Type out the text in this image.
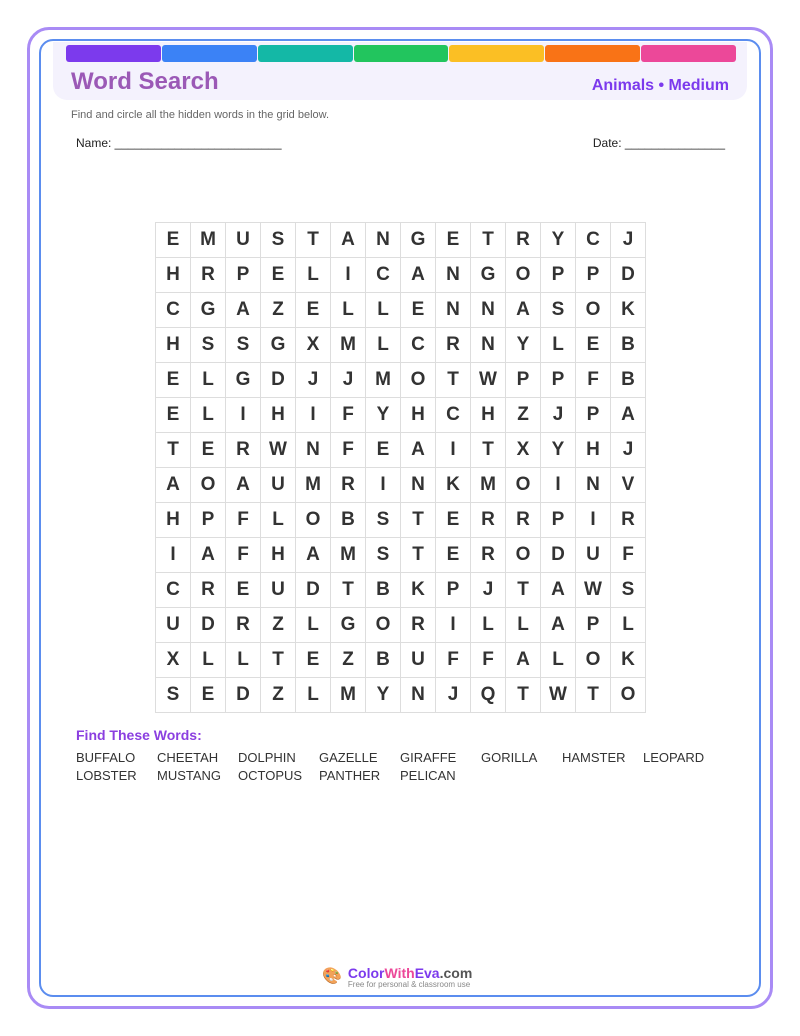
Word Search	Animals • Medium
Find and circle all the hidden words in the grid below.
Name: _________________________	Date: _______________
E	M	U	S	T	A	N	G	E	T	R	Y	C	J
H	R	P	E	L	I	C	A	N	G	O	P	P	D
C	G	A	Z	E	L	L	E	N	N	A	S	O	K
H	S	S	G	X	M	L	C	R	N	Y	L	E	B
E	L	G	D	J	J	M	O	T	W	P	P	F	B
E	L	I	H	I	F	Y	H	C	H	Z	J	P	A
T	E	R	W	N	F	E	A	I	T	X	Y	H	J
A	O	A	U	M	R	I	N	K	M	O	I	N	V
H	P	F	L	O	B	S	T	E	R	R	P	I	R
I	A	F	H	A	M	S	T	E	R	O	D	U	F
C	R	E	U	D	T	B	K	P	J	T	A	W	S
U	D	R	Z	L	G	O	R	I	L	L	A	P	L
X	L	L	T	E	Z	B	U	F	F	A	L	O	K
S	E	D	Z	L	M	Y	N	J	Q	T	W	T	O
Find These Words:
BUFFALO	CHEETAH	DOLPHIN	GAZELLE	GIRAFFE	GORILLA	HAMSTER	LEOPARD
LOBSTER	MUSTANG	OCTOPUS	PANTHER	PELICAN
🎨 ColorWithEva.com
Free for personal & classroom use
